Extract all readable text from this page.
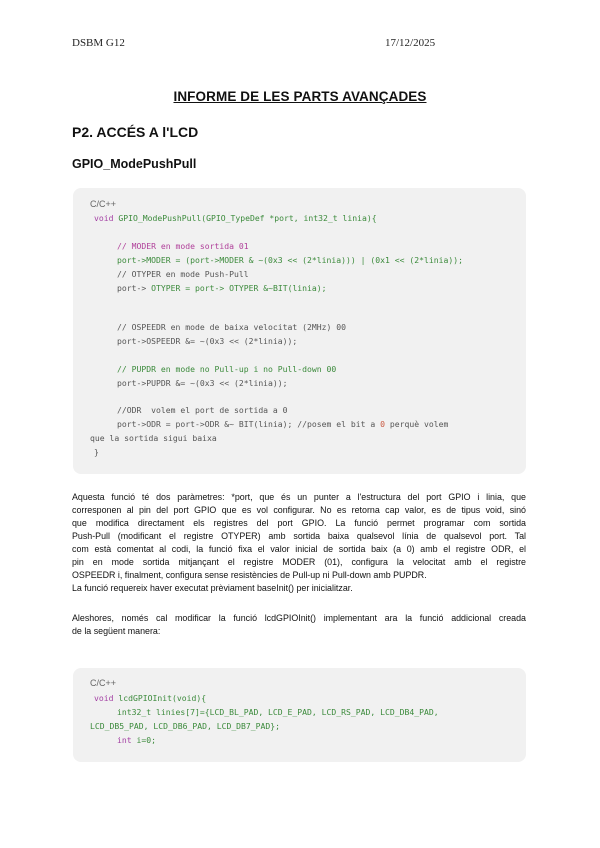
DSBM G12	17/12/2025
INFORME DE LES PARTS AVANÇADES
P2. ACCÉS A l'LCD
GPIO_ModePushPull
C/C++
void GPIO_ModePushPull(GPIO_TypeDef *port, int32_t linia){
// MODER en mode sortida 01
port->MODER = (port->MODER & ~(0x3 << (2*linia))) | (0x1 << (2*linia));
// OTYPER en mode Push-Pull
port-> OTYPER = port-> OTYPER &~BIT(linia);
// OSPEEDR en mode de baixa velocitat (2MHz) 00
port->OSPEEDR &= ~(0x3 << (2*linia));
// PUPDR en mode no Pull-up i no Pull-down 00
port->PUPDR &= ~(0x3 << (2*linia));
//ODR  volem el port de sortida a 0
port->ODR = port->ODR &~ BIT(linia); //posem el bit a 0 perquè volem
que la sortida sigui baixa
}
Aquesta funció té dos paràmetres: *port, que és un punter a l'estructura del port GPIO i linia, que
corresponen al pin del port GPIO que es vol configurar. No es retorna cap valor, es de tipus void, sinó
que modifica directament els registres del port GPIO. La funció permet programar com sortida
Push-Pull (modificant el registre OTYPER) amb sortida baixa qualsevol línia de qualsevol port. Tal
com està comentat al codi, la funció fixa el valor inicial de sortida baix (a 0) amb el registre ODR, el
pin en mode sortida mitjançant el registre MODER (01), configura la velocitat amb el registre
OSPEEDR i, finalment, configura sense resistències de Pull-up ni Pull-down amb PUPDR.
La funció requereix haver executat prèviament baseInit() per inicialitzar.
Aleshores, només cal modificar la funció lcdGPIOInit() implementant ara la funció addicional creada
de la següent manera:
C/C++
void lcdGPIOInit(void){
int32_t linies[7]={LCD_BL_PAD, LCD_E_PAD, LCD_RS_PAD, LCD_DB4_PAD,
LCD_DB5_PAD, LCD_DB6_PAD, LCD_DB7_PAD};
int i=0;
